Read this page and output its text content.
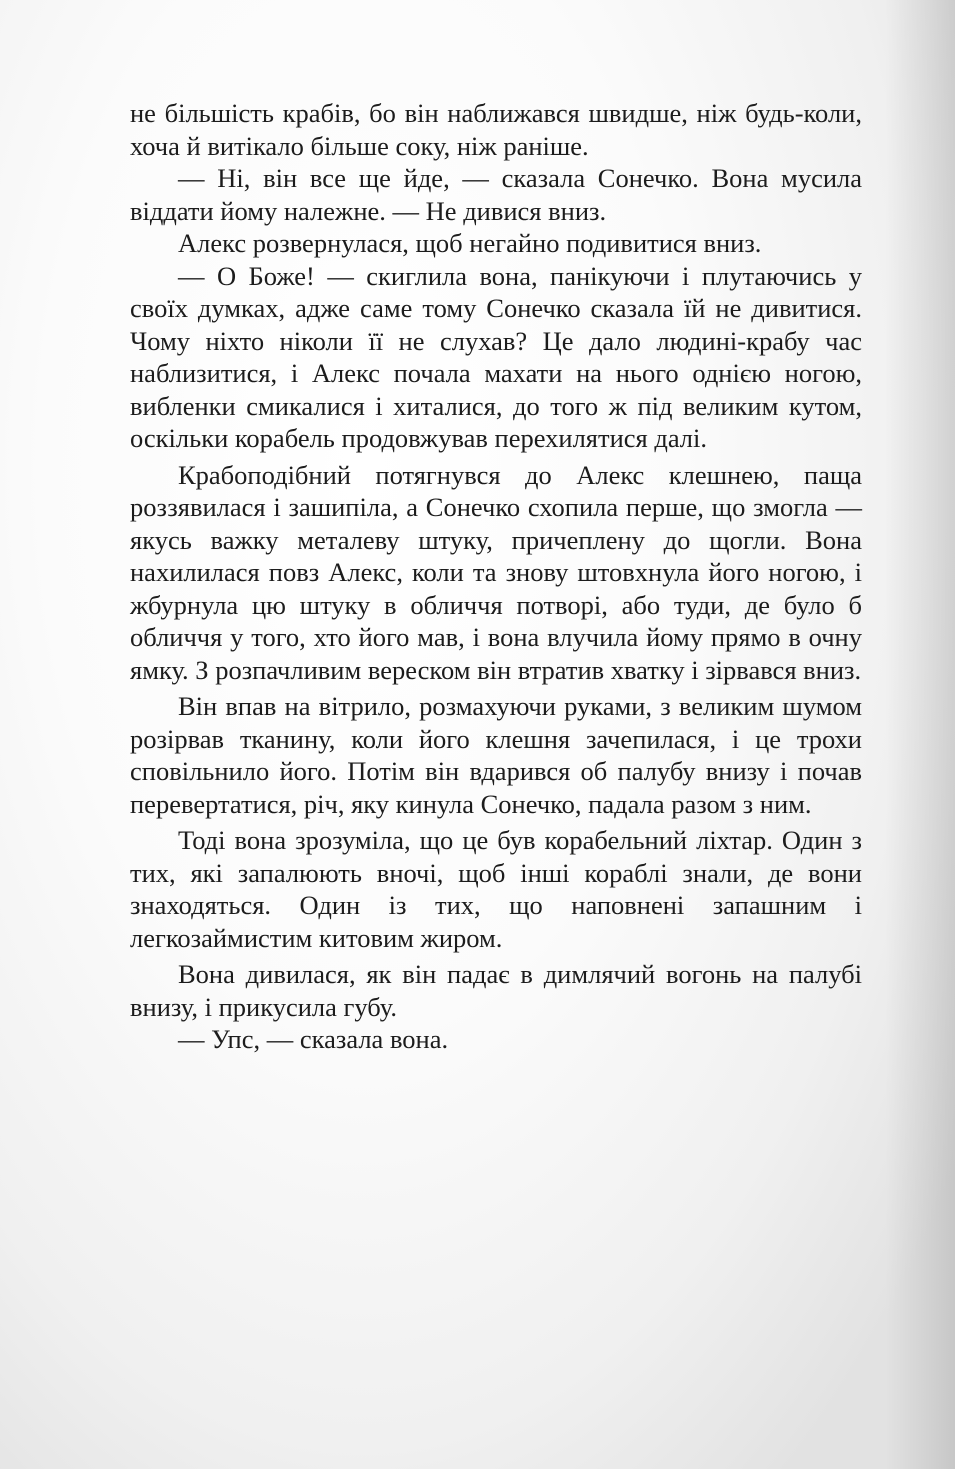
не більшість крабів, бо він наближався швидше, ніж будь-коли, хоча й витікало більше соку, ніж раніше.

— Ні, він все ще йде, — сказала Сонечко. Вона мусила віддати йому належне. — Не дивися вниз.

Алекс розвернулася, щоб негайно подивитися вниз.

— О Боже! — скиглила вона, панікуючи і плутаючись у своїх думках, адже саме тому Сонечко сказала їй не дивитися. Чому ніхто ніколи її не слухав? Це дало людині-крабу час наблизитися, і Алекс почала махати на нього однією ногою, вибленки смикалися і хиталися, до того ж під великим кутом, оскільки корабель продовжував перехилятися далі.

Крабоподібний потягнувся до Алекс клешнею, паща роззявилася і зашипіла, а Сонечко схопила перше, що змогла — якусь важку металеву штуку, причеплену до щогли. Вона нахилилася повз Алекс, коли та знову штовхнула його ногою, і жбурнула цю штуку в обличчя потворі, або туди, де було б обличчя у того, хто його мав, і вона влучила йому прямо в очну ямку. З розпачливим вереском він втратив хватку і зірвався вниз.

Він впав на вітрило, розмахуючи руками, з великим шумом розірвав тканину, коли його клешня зачепилася, і це трохи сповільнило його. Потім він вдарився об палубу внизу і почав перевертатися, річ, яку кинула Сонечко, падала разом з ним.

Тоді вона зрозуміла, що це був корабельний ліхтар. Один з тих, які запалюють вночі, щоб інші кораблі знали, де вони знаходяться. Один із тих, що наповнені запашним і легкозаймистим китовим жиром.

Вона дивилася, як він падає в димлячий вогонь на палубі внизу, і прикусила губу.

— Упс, — сказала вона.
